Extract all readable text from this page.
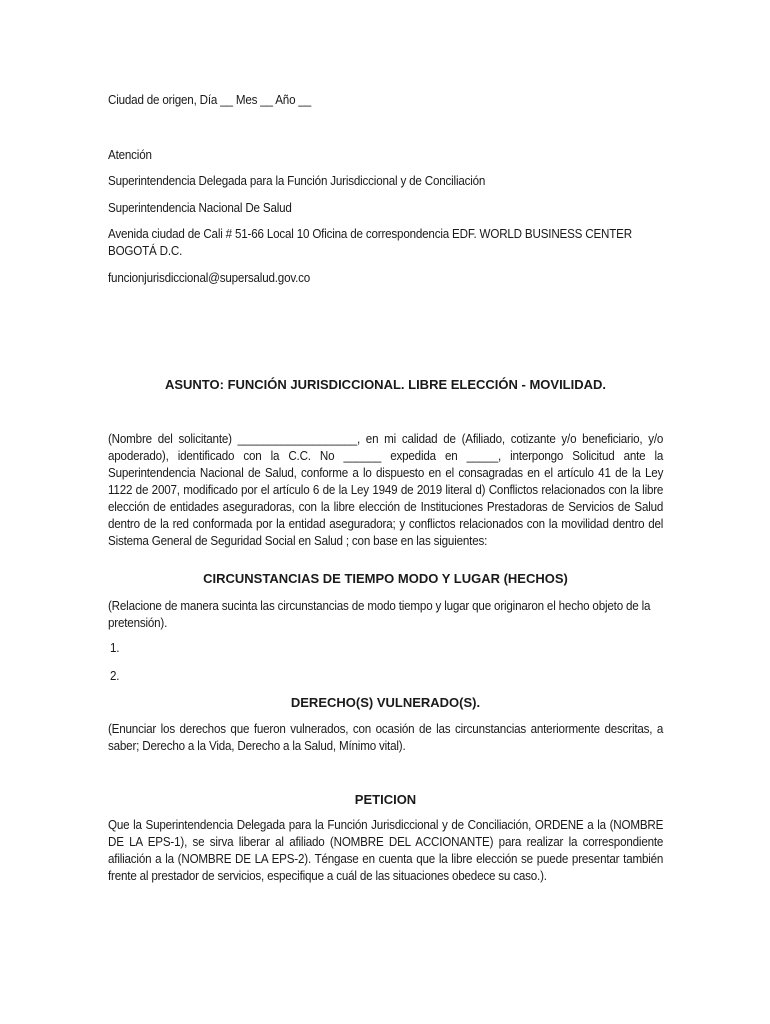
Ciudad de origen, Día __ Mes __ Año __
Atención
Superintendencia Delegada para la Función Jurisdiccional y de Conciliación
Superintendencia Nacional De Salud
Avenida ciudad de Cali # 51-66 Local 10 Oficina de correspondencia EDF. WORLD BUSINESS CENTER BOGOTÁ D.C.
funcionjurisdiccional@supersalud.gov.co
ASUNTO: FUNCIÓN JURISDICCIONAL. LIBRE ELECCIÓN - MOVILIDAD.
(Nombre del solicitante) ___________________, en mi calidad de (Afiliado, cotizante y/o beneficiario, y/o apoderado), identificado con la C.C. No ______ expedida en _____, interpongo Solicitud ante la Superintendencia Nacional de Salud, conforme a lo dispuesto en el consagradas en el artículo 41 de la Ley 1122 de 2007, modificado por el artículo 6 de la Ley 1949 de 2019 literal d) Conflictos relacionados con la libre elección de entidades aseguradoras, con la libre elección de Instituciones Prestadoras de Servicios de Salud dentro de la red conformada por la entidad aseguradora; y conflictos relacionados con la movilidad dentro del Sistema General de Seguridad Social en Salud ; con base en las siguientes:
CIRCUNSTANCIAS DE TIEMPO MODO Y LUGAR (HECHOS)
(Relacione de manera sucinta las circunstancias de modo tiempo y lugar que originaron el hecho objeto de la pretensión).
1.
2.
DERECHO(S) VULNERADO(S).
(Enunciar los derechos que fueron vulnerados, con ocasión de las circunstancias anteriormente descritas, a saber; Derecho a la Vida, Derecho a la Salud, Mínimo vital).
PETICION
Que la Superintendencia Delegada para la Función Jurisdiccional y de Conciliación, ORDENE a la (NOMBRE DE LA EPS-1), se sirva liberar al afiliado (NOMBRE DEL ACCIONANTE) para realizar la correspondiente afiliación a la (NOMBRE DE LA EPS-2). Téngase en cuenta que la libre elección se puede presentar también frente al prestador de servicios, especifique a cuál de las situaciones obedece su caso.).
